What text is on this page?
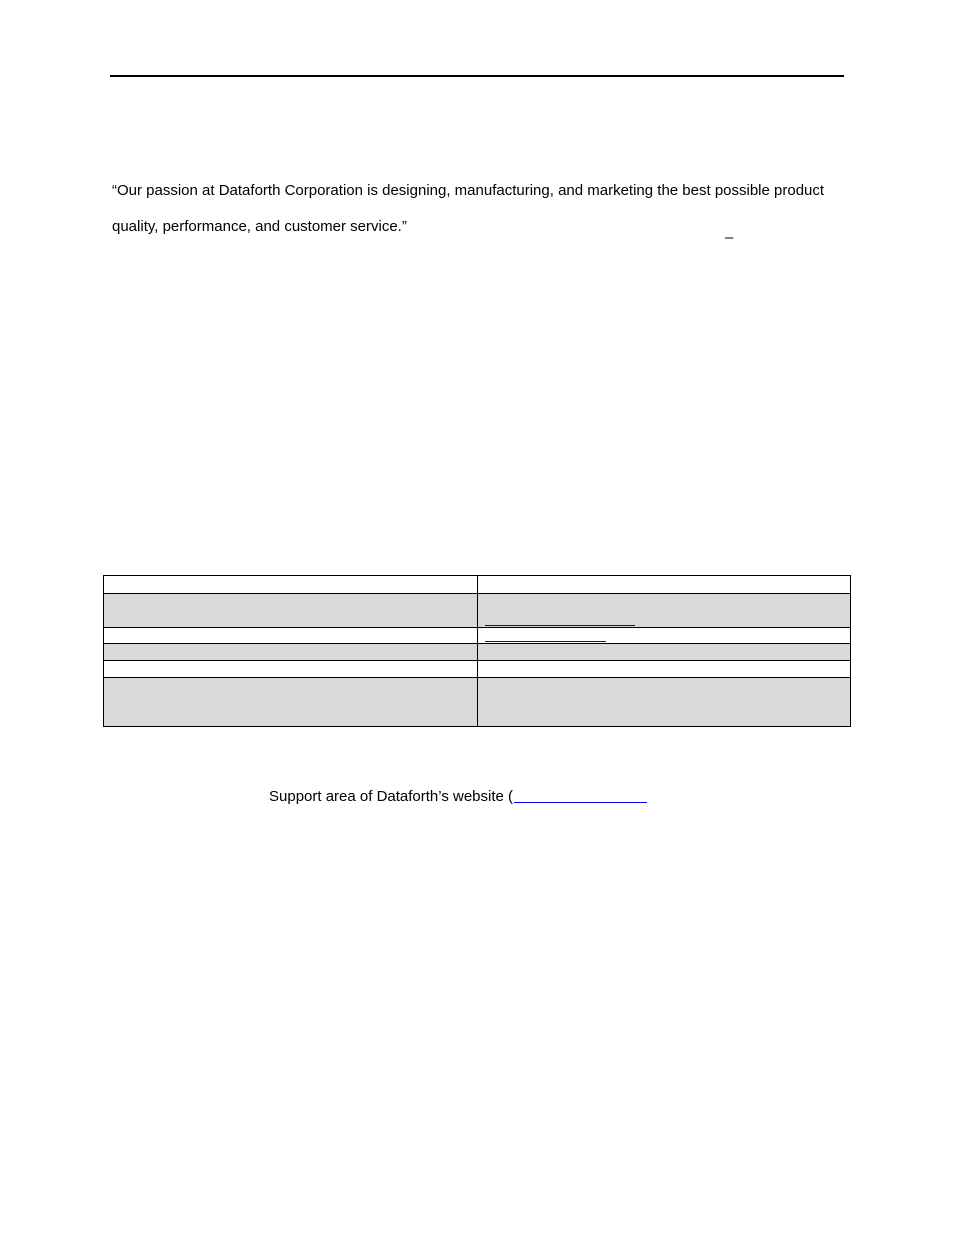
“Our passion at Dataforth Corporation is designing, manufacturing, and marketing the best possible product quality, performance, and customer service.”
–

Support area of Dataforth’s website (
